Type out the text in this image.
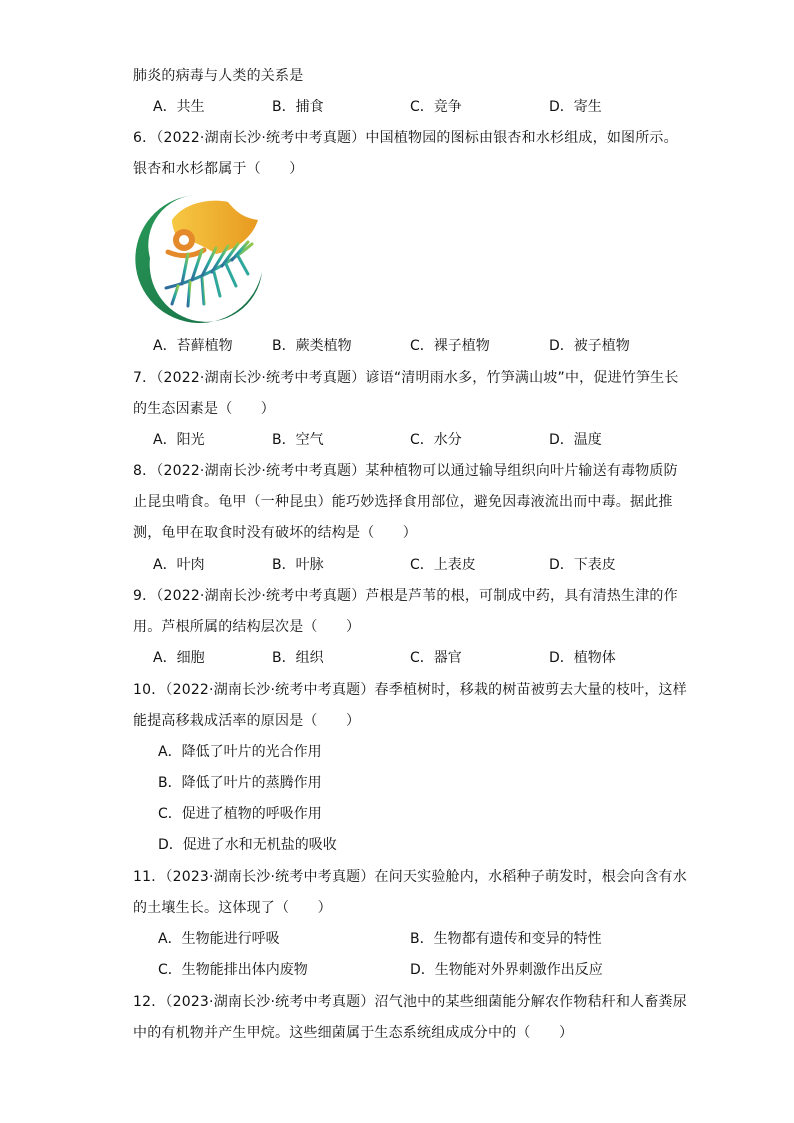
肺炎的病毒与人类的关系是
A．共生	B．捕食	C．竞争	D．寄生
6．（2022·湖南长沙·统考中考真题）中国植物园的图标由银杏和水杉组成，如图所示。
银杏和水杉都属于（　　）
A．苔藓植物	B．蕨类植物	C．裸子植物	D．被子植物
7．（2022·湖南长沙·统考中考真题）谚语“清明雨水多，竹笋满山坡”中，促进竹笋生长
的生态因素是（　　）
A．阳光	B．空气	C．水分	D．温度
8．（2022·湖南长沙·统考中考真题）某种植物可以通过输导组织向叶片输送有毒物质防
止昆虫啃食。龟甲（一种昆虫）能巧妙选择食用部位，避免因毒液流出而中毒。据此推
测，龟甲在取食时没有破坏的结构是（　　）
A．叶肉	B．叶脉	C．上表皮	D．下表皮
9．（2022·湖南长沙·统考中考真题）芦根是芦苇的根，可制成中药，具有清热生津的作
用。芦根所属的结构层次是（　　）
A．细胞	B．组织	C．器官	D．植物体
10．（2022·湖南长沙·统考中考真题）春季植树时，移栽的树苗被剪去大量的枝叶，这样
能提高移栽成活率的原因是（　　）
A．降低了叶片的光合作用
B．降低了叶片的蒸腾作用
C．促进了植物的呼吸作用
D．促进了水和无机盐的吸收
11．（2023·湖南长沙·统考中考真题）在问天实验舱内，水稻种子萌发时，根会向含有水
的土壤生长。这体现了（　　）
A．生物能进行呼吸	B．生物都有遗传和变异的特性
C．生物能排出体内废物	D．生物能对外界刺激作出反应
12．（2023·湖南长沙·统考中考真题）沼气池中的某些细菌能分解农作物秸秆和人畜粪尿
中的有机物并产生甲烷。这些细菌属于生态系统组成成分中的（　　）
